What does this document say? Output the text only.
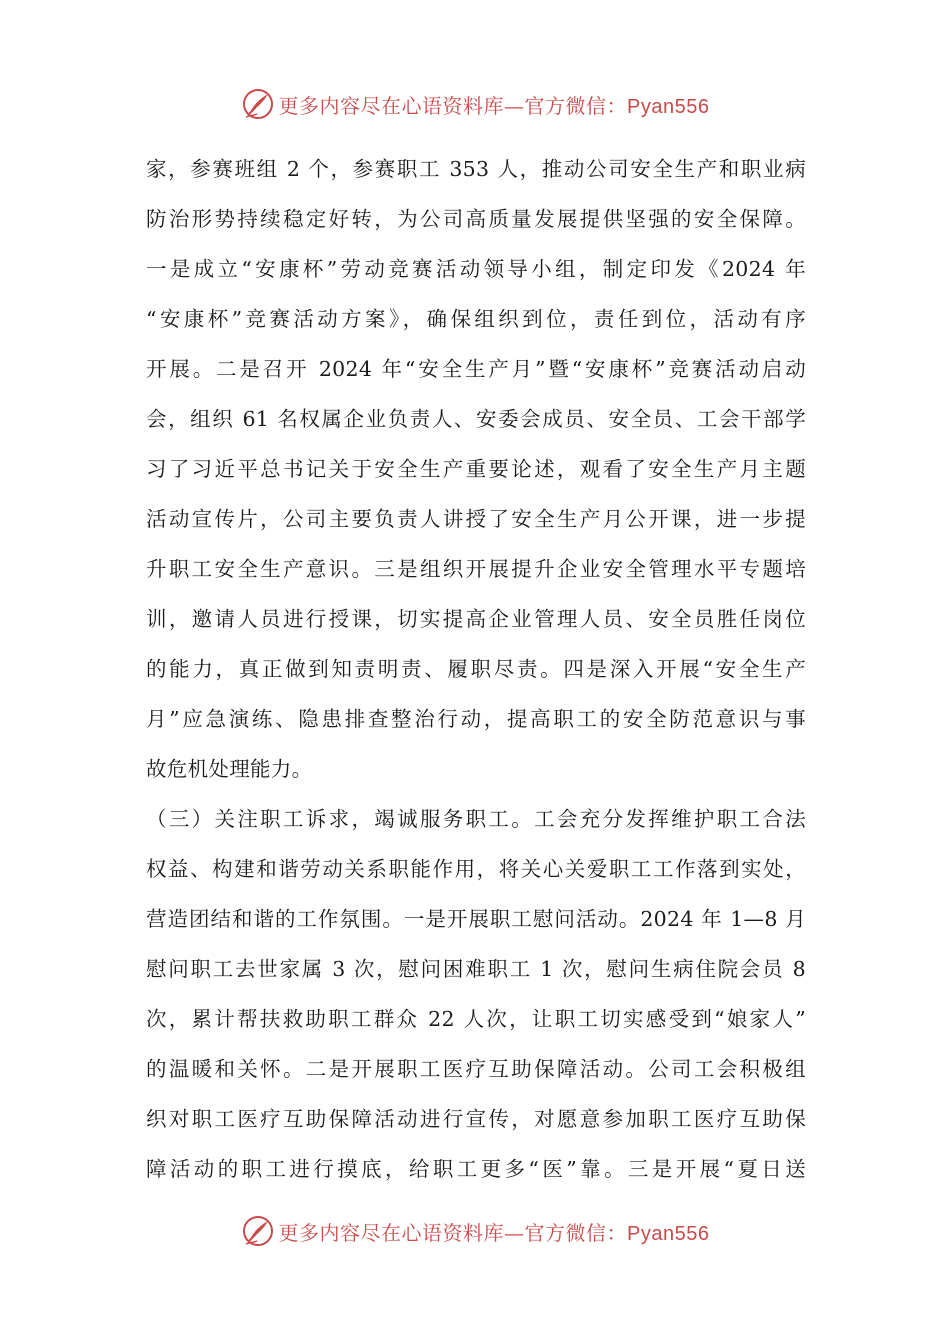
更多内容尽在心语资料库—官方微信：Pyan556
家，参赛班组 2 个，参赛职工 353 人，推动公司安全生产和职业病
防治形势持续稳定好转，为公司高质量发展提供坚强的安全保障。
一是成立“安康杯”劳动竞赛活动领导小组，制定印发《2024 年
“安康杯”竞赛活动方案》，确保组织到位，责任到位，活动有序
开展。二是召开 2024 年“安全生产月”暨“安康杯”竞赛活动启动
会，组织 61 名权属企业负责人、安委会成员、安全员、工会干部学
习了习近平总书记关于安全生产重要论述，观看了安全生产月主题
活动宣传片，公司主要负责人讲授了安全生产月公开课，进一步提
升职工安全生产意识。三是组织开展提升企业安全管理水平专题培
训，邀请人员进行授课，切实提高企业管理人员、安全员胜任岗位
的能力，真正做到知责明责、履职尽责。四是深入开展“安全生产
月”应急演练、隐患排查整治行动，提高职工的安全防范意识与事
故危机处理能力。
（三）关注职工诉求，竭诚服务职工。工会充分发挥维护职工合法
权益、构建和谐劳动关系职能作用，将关心关爱职工工作落到实处，
营造团结和谐的工作氛围。一是开展职工慰问活动。2024 年 1—8 月
慰问职工去世家属 3 次，慰问困难职工 1 次，慰问生病住院会员 8
次，累计帮扶救助职工群众 22 人次，让职工切实感受到“娘家人”
的温暖和关怀。二是开展职工医疗互助保障活动。公司工会积极组
织对职工医疗互助保障活动进行宣传，对愿意参加职工医疗互助保
障活动的职工进行摸底，给职工更多“医”靠。三是开展“夏日送
更多内容尽在心语资料库—官方微信：Pyan556
